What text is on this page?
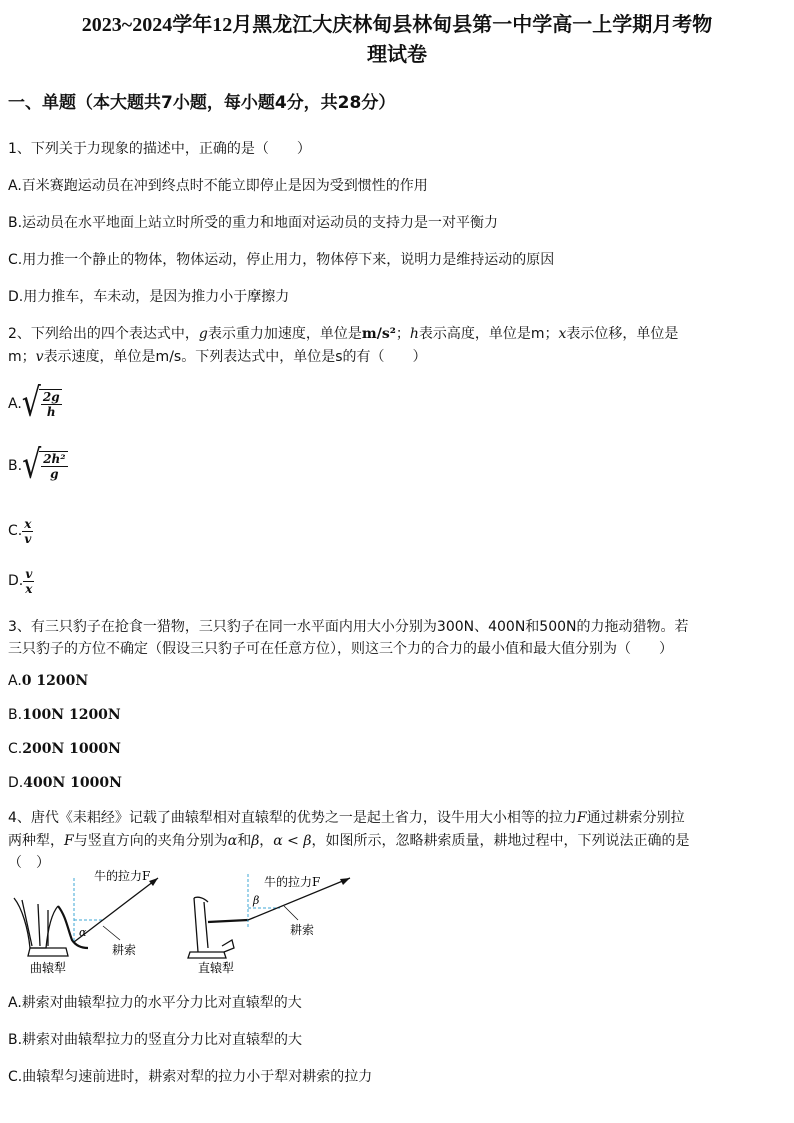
2023~2024学年12月黑龙江大庆林甸县林甸县第一中学高一上学期月考物
理试卷
一、单题（本大题共7小题，每小题4分，共28分）
1、下列关于力现象的描述中，正确的是（　　）
A.百米赛跑运动员在冲到终点时不能立即停止是因为受到惯性的作用
B.运动员在水平地面上站立时所受的重力和地面对运动员的支持力是一对平衡力
C.用力推一个静止的物体，物体运动，停止用力，物体停下来，说明力是维持运动的原因
D.用力推车，车未动，是因为推力小于摩擦力
2、下列给出的四个表达式中，g表示重力加速度，单位是m/s²；h表示高度，单位是m；x表示位移，单位是
m；v表示速度，单位是m/s。下列表达式中，单位是s的有（　　）
A. √ $\frac{2g}{h}$
B. √ $\frac{\text{2h²}}{g}$
C. $\frac{x}{v}$
D. $\frac{v}{x}$
3、有三只豹子在抢食一猎物，三只豹子在同一水平面内用大小分别为300N、400N和500N的力拖动猎物。若
三只豹子的方位不确定（假设三只豹子可在任意方位），则这三个力的合力的最小值和最大值分别为（　　）
A.0 1200N
B.100N 1200N
C.200N 1000N
D.400N 1000N
4、唐代《耒耜经》记载了曲辕犁相对直辕犁的优势之一是起土省力，设牛用大小相等的拉力F通过耕索分别拉
两种犁，F与竖直方向的夹角分别为α和β，α < β，如图所示，忽略耕索质量，耕地过程中，下列说法正确的是
（　）
牛的拉力F
耕索
α
曲辕犁
牛的拉力F
耕索
β
直辕犁
A.耕索对曲辕犁拉力的水平分力比对直辕犁的大
B.耕索对曲辕犁拉力的竖直分力比对直辕犁的大
C.曲辕犁匀速前进时，耕索对犁的拉力小于犁对耕索的拉力
